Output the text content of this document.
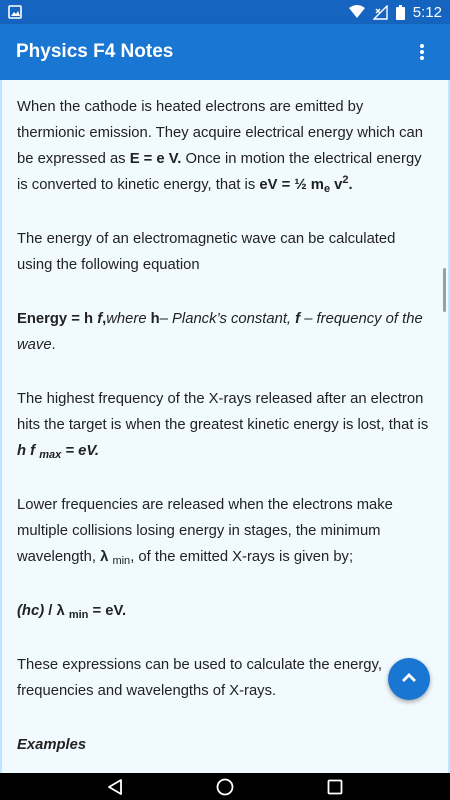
5:12
Physics F4 Notes

When the cathode is heated electrons are emitted by thermionic emission. They acquire electrical energy which can be expressed as E = e V. Once in motion the electrical energy is converted to kinetic energy, that is eV = ½ $m_e$ $v^2$.

The energy of an electromagnetic wave can be calculated using the following equation

Energy = h f,where h– Planck’s constant, f – frequency of the wave.

The highest frequency of the X-rays released after an electron hits the target is when the greatest kinetic energy is lost, that is h f $_{max}$ = eV.

Lower frequencies are released when the electrons make multiple collisions losing energy in stages, the minimum wavelength, λ $_{min}$, of the emitted X-rays is given by;

(hc) / λ $_{min}$ = eV.

These expressions can be used to calculate the energy, frequencies and wavelengths of X-rays.

Examples
